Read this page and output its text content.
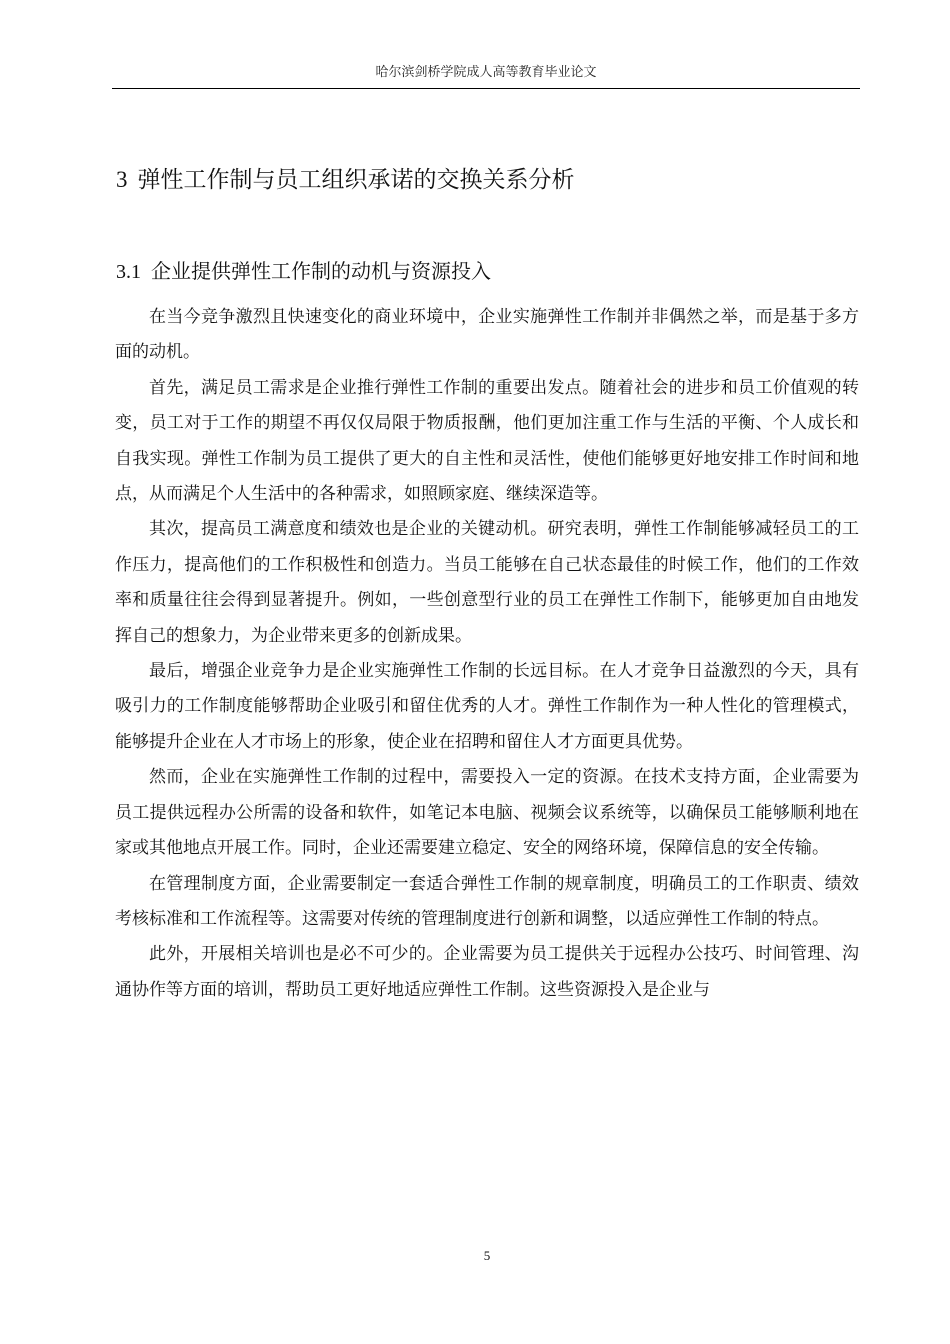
哈尔滨剑桥学院成人高等教育毕业论文
3 弹性工作制与员工组织承诺的交换关系分析
3.1 企业提供弹性工作制的动机与资源投入

在当今竞争激烈且快速变化的商业环境中，企业实施弹性工作制并非偶然之举，而是基于多方面的动机。

首先，满足员工需求是企业推行弹性工作制的重要出发点。随着社会的进步和员工价值观的转变，员工对于工作的期望不再仅仅局限于物质报酬，他们更加注重工作与生活的平衡、个人成长和自我实现。弹性工作制为员工提供了更大的自主性和灵活性，使他们能够更好地安排工作时间和地点，从而满足个人生活中的各种需求，如照顾家庭、继续深造等。

其次，提高员工满意度和绩效也是企业的关键动机。研究表明，弹性工作制能够减轻员工的工作压力，提高他们的工作积极性和创造力。当员工能够在自己状态最佳的时候工作，他们的工作效率和质量往往会得到显著提升。例如，一些创意型行业的员工在弹性工作制下，能够更加自由地发挥自己的想象力，为企业带来更多的创新成果。

最后，增强企业竞争力是企业实施弹性工作制的长远目标。在人才竞争日益激烈的今天，具有吸引力的工作制度能够帮助企业吸引和留住优秀的人才。弹性工作制作为一种人性化的管理模式，能够提升企业在人才市场上的形象，使企业在招聘和留住人才方面更具优势。

然而，企业在实施弹性工作制的过程中，需要投入一定的资源。在技术支持方面，企业需要为员工提供远程办公所需的设备和软件，如笔记本电脑、视频会议系统等，以确保员工能够顺利地在家或其他地点开展工作。同时，企业还需要建立稳定、安全的网络环境，保障信息的安全传输。

在管理制度方面，企业需要制定一套适合弹性工作制的规章制度，明确员工的工作职责、绩效考核标准和工作流程等。这需要对传统的管理制度进行创新和调整，以适应弹性工作制的特点。

此外，开展相关培训也是必不可少的。企业需要为员工提供关于远程办公技巧、时间管理、沟通协作等方面的培训，帮助员工更好地适应弹性工作制。这些资源投入是企业与

5
